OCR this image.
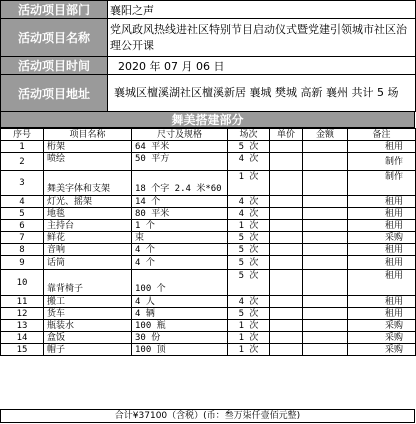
活动项目部门	襄阳之声
活动项目名称	党风政风热线进社区特别节目启动仪式暨党建引领城市社区治理公开课
活动项目时间	2020 年 07 月 06 日
活动项目地址	襄城区檀溪湖社区檀溪新居 襄城 樊城 高新 襄州 共计 5 场
舞美搭建部分
序号	项目名称	尺寸及规格	场次	单价	金额	备注
1	桁架	64 平米	5 次			租用
2	喷绘	50 平方	4 次			制作
3	舞美字体和支架	18 个字 2.4 米*60	1 次			制作
4	灯光、摇架	14 个	4 次			租用
5	地毯	80 平米	4 次			租用
6	主持台	1 个	1 次			租用
7	鲜花	束	5 次			采购
8	音响	4 个	5 次			租用
9	话筒	4 个	5 次			租用
10	靠背椅子	100 个	5 次			租用
11	搬工	4 人	4 次			租用
12	货车	4 辆	5 次			租用
13	瓶装水	100 瓶	1 次			采购
14	盒饭	30 份	1 次			采购
15	帽子	100 顶	1 次			采购
合计¥37100（含税）(币：叁万柒仟壹佰元整)
